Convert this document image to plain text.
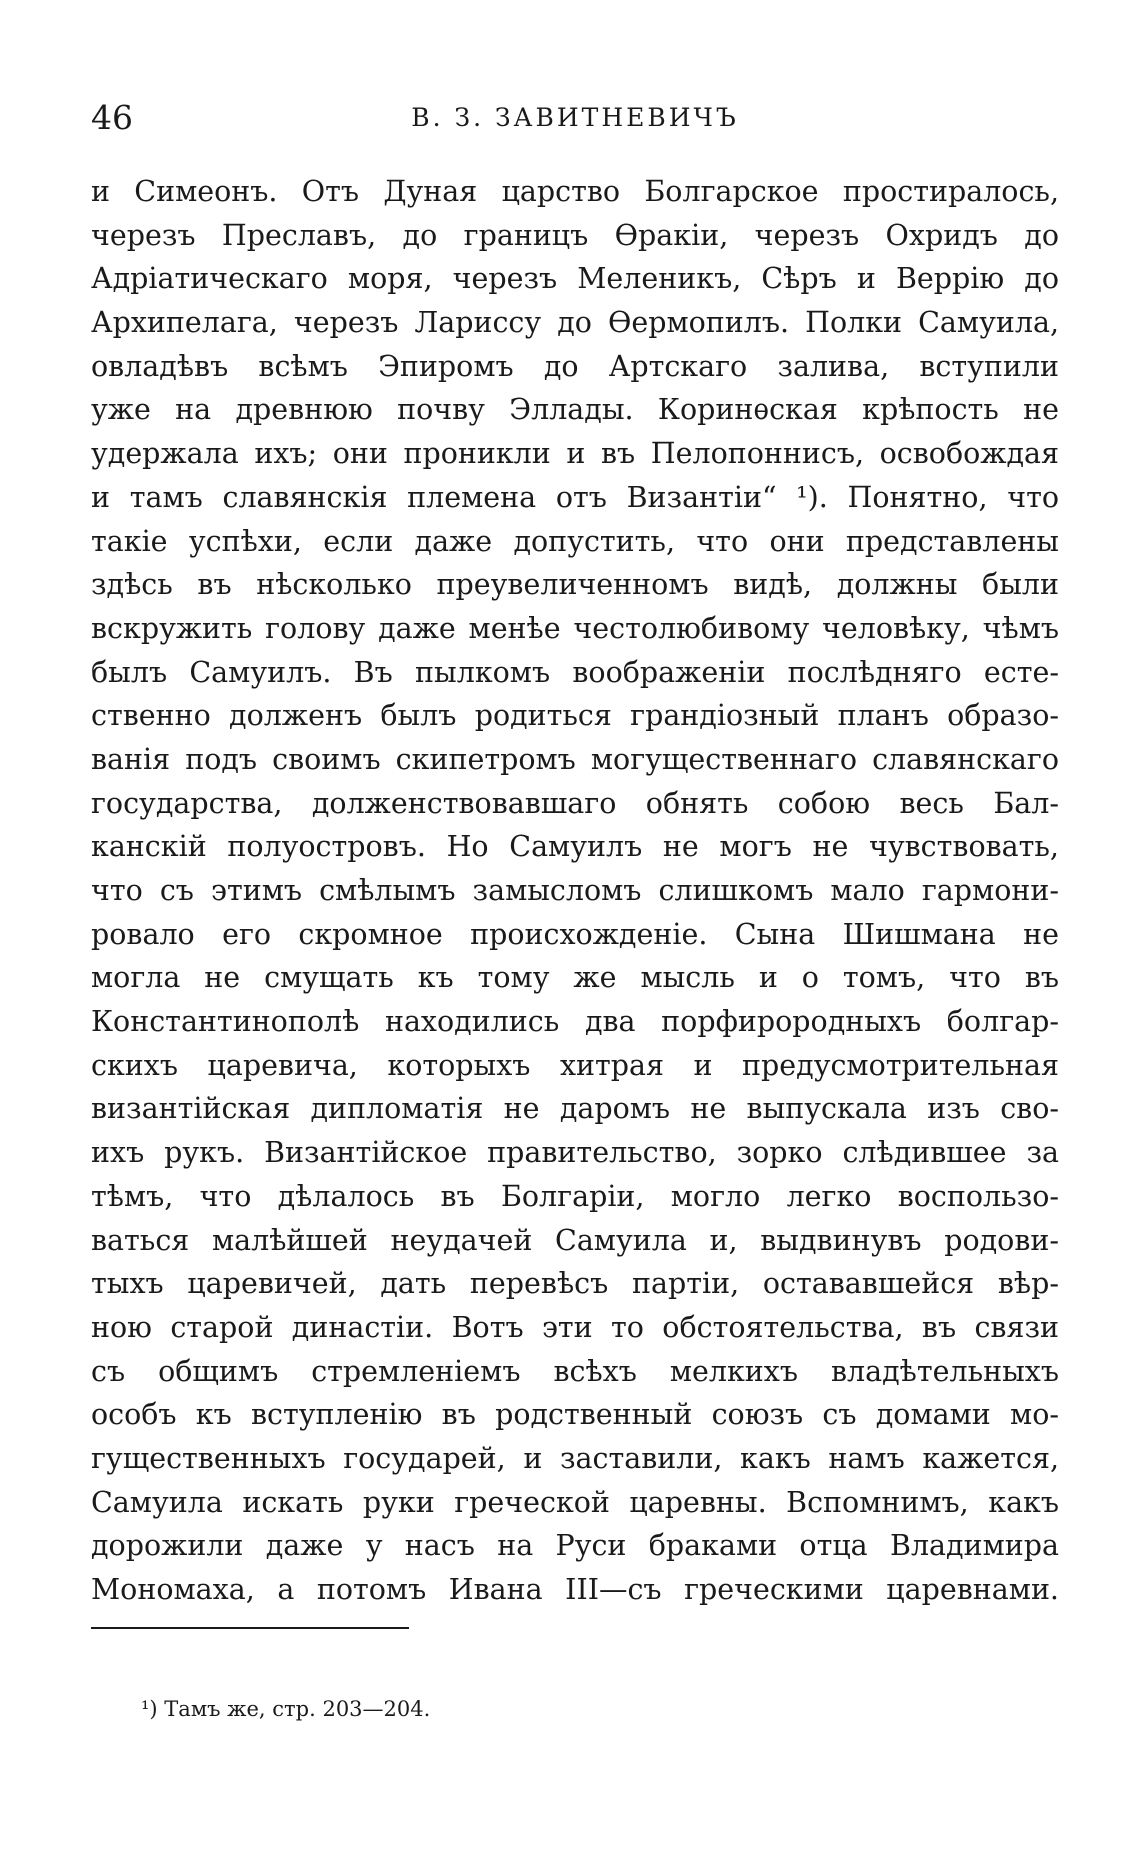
46	В. З. ЗАВИТНЕВИЧЪ
и Симеонъ. Отъ Дуная царство Болгарское простиралось,
черезъ Преславъ, до границъ Ѳракіи, черезъ Охридъ до
Адріатическаго моря, черезъ Меленикъ, Сѣръ и Веррію до
Архипелага, черезъ Лариссу до Ѳермопилъ. Полки Самуила,
овладѣвъ всѣмъ Эпиромъ до Артскаго залива, вступили
уже на древнюю почву Эллады. Коринѳская крѣпость не
удержала ихъ; они проникли и въ Пелопоннисъ, освобождая
и тамъ славянскія племена отъ Византіи“ ¹). Понятно, что
такіе успѣхи, если даже допустить, что они представлены
здѣсь въ нѣсколько преувеличенномъ видѣ, должны были
вскружить голову даже менѣе честолюбивому человѣку, чѣмъ
былъ Самуилъ. Въ пылкомъ воображеніи послѣдняго есте-
ственно долженъ былъ родиться грандіозный планъ образо-
ванія подъ своимъ скипетромъ могущественнаго славянскаго
государства, долженствовавшаго обнять собою весь Бал-
канскій полуостровъ. Но Самуилъ не могъ не чувствовать,
что съ этимъ смѣлымъ замысломъ слишкомъ мало гармони-
ровало его скромное происхожденіе. Сына Шишмана не
могла не смущать къ тому же мысль и о томъ, что въ
Константинополѣ находились два порфирородныхъ болгар-
скихъ царевича, которыхъ хитрая и предусмотрительная
византійская дипломатія не даромъ не выпускала изъ сво-
ихъ рукъ. Византійское правительство, зорко слѣдившее за
тѣмъ, что дѣлалось въ Болгаріи, могло легко воспользо-
ваться малѣйшей неудачей Самуила и, выдвинувъ родови-
тыхъ царевичей, дать перевѣсъ партіи, остававшейся вѣр-
ною старой династіи. Вотъ эти то обстоятельства, въ связи
съ общимъ стремленіемъ всѣхъ мелкихъ владѣтельныхъ
особъ къ вступленію въ родственный союзъ съ домами мо-
гущественныхъ государей, и заставили, какъ намъ кажется,
Самуила искать руки греческой царевны. Вспомнимъ, какъ
дорожили даже у насъ на Руси браками отца Владимира
Мономаха, а потомъ Ивана III—съ греческими царевнами.
¹) Тамъ же, стр. 203—204.
